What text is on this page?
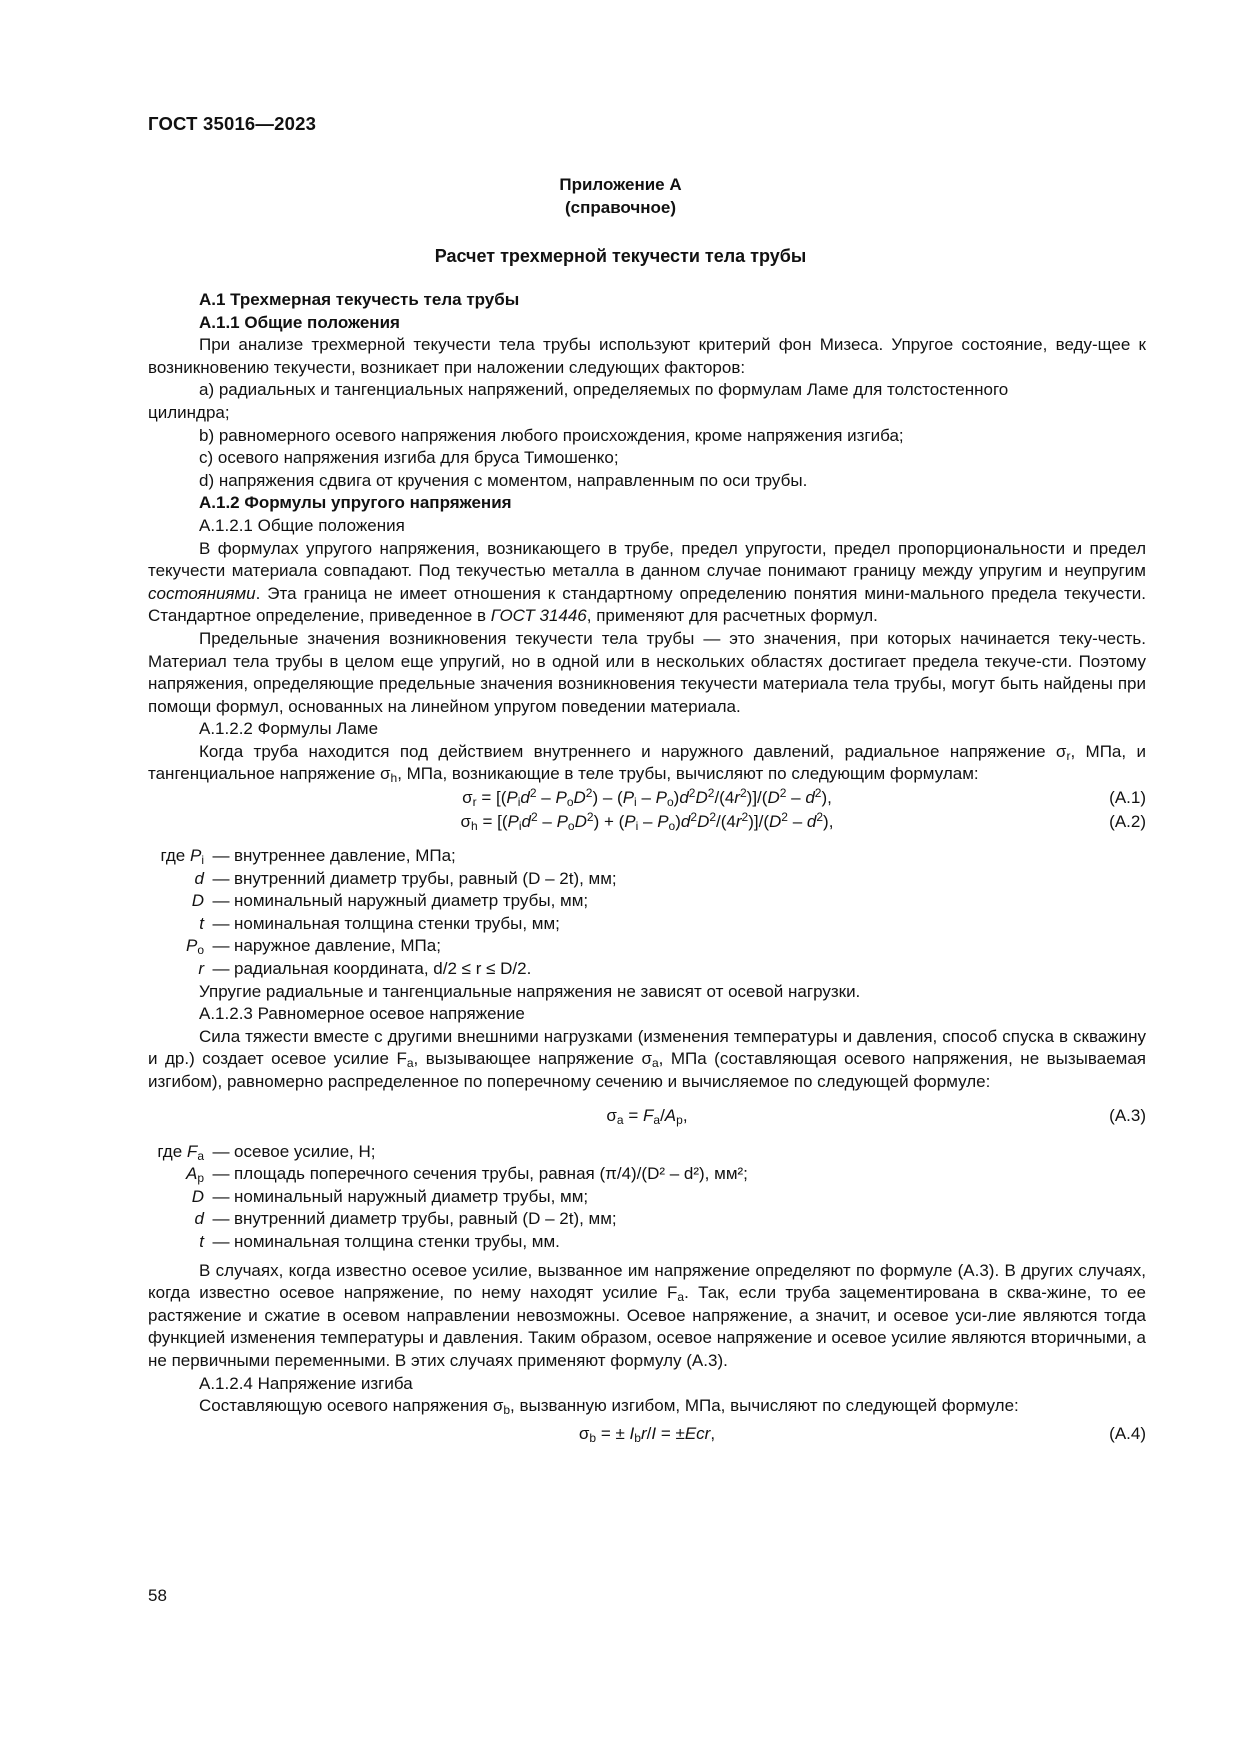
ГОСТ 35016—2023
Приложение А
(справочное)
Расчет трехмерной текучести тела трубы

А.1 Трехмерная текучесть тела трубы

А.1.1 Общие положения

При анализе трехмерной текучести тела трубы используют критерий фон Мизеса. Упругое состояние, веду-щее к возникновению текучести, возникает при наложении следующих факторов:

a) радиальных и тангенциальных напряжений, определяемых по формулам Ламе для толстостенного

цилиндра;

b) равномерного осевого напряжения любого происхождения, кроме напряжения изгиба;

c) осевого напряжения изгиба для бруса Тимошенко;

d) напряжения сдвига от кручения с моментом, направленным по оси трубы.

А.1.2 Формулы упругого напряжения

А.1.2.1 Общие положения

В формулах упругого напряжения, возникающего в трубе, предел упругости, предел пропорциональности и предел текучести материала совпадают. Под текучестью металла в данном случае понимают границу между упругим и неупругим состояниями. Эта граница не имеет отношения к стандартному определению понятия мини-мального предела текучести. Стандартное определение, приведенное в ГОСТ 31446, применяют для расчетных формул.

Предельные значения возникновения текучести тела трубы — это значения, при которых начинается теку-честь. Материал тела трубы в целом еще упругий, но в одной или в нескольких областях достигает предела текуче-сти. Поэтому напряжения, определяющие предельные значения возникновения текучести материала тела трубы, могут быть найдены при помощи формул, основанных на линейном упругом поведении материала.

А.1.2.2 Формулы Ламе

Когда труба находится под действием внутреннего и наружного давлений, радиальное напряжение $\sigma_r$, МПа, и тангенциальное напряжение $\sigma_h$, МПа, возникающие в теле трубы, вычисляют по следующим формулам:

$\sigma_r = [(P_id^2 - P_oD^2) - (P_i - P_o)d^2D^2/(4r^2)]/(D^2 - d^2)$,	(А.1)
$\sigma_h = [(P_id^2 - P_oD^2) + (P_i - P_o)d^2D^2/(4r^2)]/(D^2 - d^2)$,	(А.2)
где $P_i$ — внутреннее давление, МПа;
d — внутренний диаметр трубы, равный (D – 2t), мм;
D — номинальный наружный диаметр трубы, мм;
t — номинальная толщина стенки трубы, мм;
$P_o$ — наружное давление, МПа;
r — радиальная координата, d/2 ≤ r ≤ D/2.

Упругие радиальные и тангенциальные напряжения не зависят от осевой нагрузки.

А.1.2.3 Равномерное осевое напряжение

Сила тяжести вместе с другими внешними нагрузками (изменения температуры и давления, способ спуска в скважину и др.) создает осевое усилие $F_a$, вызывающее напряжение $\sigma_a$, МПа (составляющая осевого напряжения, не вызываемая изгибом), равномерно распределенное по поперечному сечению и вычисляемое по следующей формуле:

$\sigma_a = F_a/A_p$,	(А.3)
где $F_a$ — осевое усилие, Н;
$A_p$ — площадь поперечного сечения трубы, равная (π/4)/(D² – d²), мм²;
D — номинальный наружный диаметр трубы, мм;
d — внутренний диаметр трубы, равный (D – 2t), мм;
t — номинальная толщина стенки трубы, мм.

В случаях, когда известно осевое усилие, вызванное им напряжение определяют по формуле (А.3). В других случаях, когда известно осевое напряжение, по нему находят усилие $F_a$. Так, если труба зацементирована в сква-жине, то ее растяжение и сжатие в осевом направлении невозможны. Осевое напряжение, а значит, и осевое уси-лие являются тогда функцией изменения температуры и давления. Таким образом, осевое напряжение и осевое усилие являются вторичными, а не первичными переменными. В этих случаях применяют формулу (А.3).

А.1.2.4 Напряжение изгиба

Составляющую осевого напряжения $\sigma_b$, вызванную изгибом, МПа, вычисляют по следующей формуле:

$\sigma_b$ = ± $I_br/I = \pm Ecr$,	(А.4)
58
